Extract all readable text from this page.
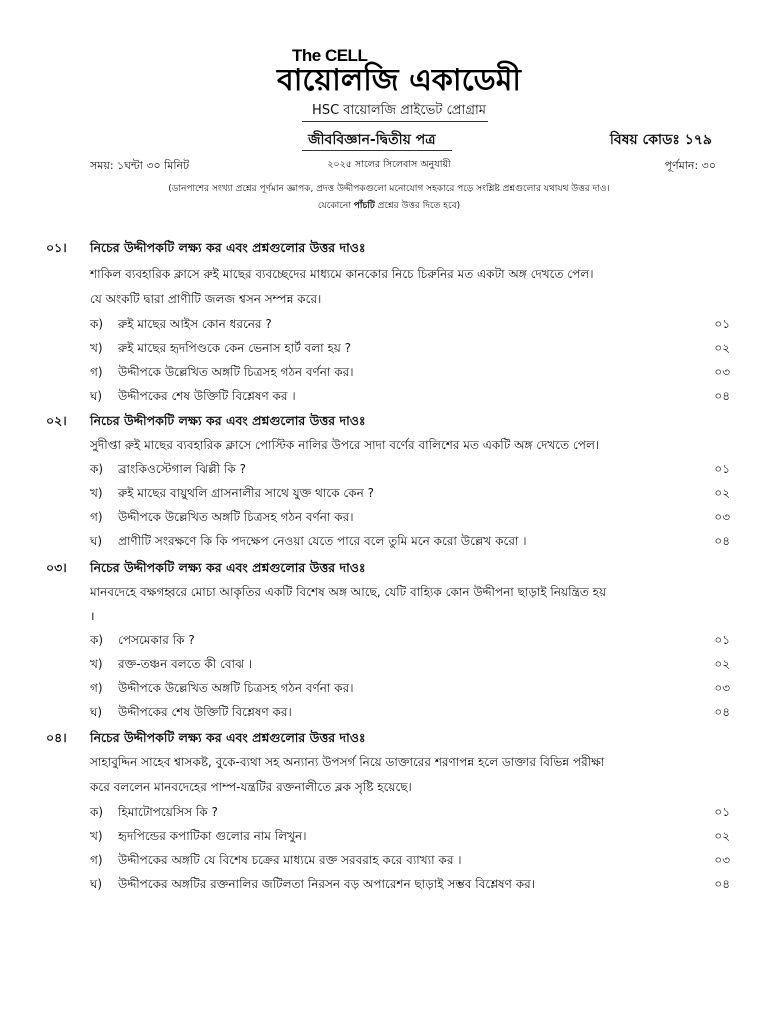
The CELL
বায়োলজি একাডেমী
HSC বায়োলজি প্রাইভেট প্রোগ্রাম
জীববিজ্ঞান-দ্বিতীয় পত্র	বিষয় কোডঃ ১৭৯
সময়: ১ঘন্টা ৩০ মিনিট	২০২৫ সালের সিলেবাস অনুযায়ী	পূর্ণমান: ৩০
(ডানপাশের সংখ্যা প্রশ্নের পূর্ণমান জ্ঞাপক, প্রদত্ত উদ্দীপকগুলো মনোযোগ সহকারে পড়ে সংশ্লিষ্ট প্রশ্নগুলোর যথাযথ উত্তর দাও।
যেকোনো পাঁচটি প্রশ্নের উত্তর দিতে হবে)
০১। নিচের উদ্দীপকটি লক্ষ্য কর এবং প্রশ্নগুলোর উত্তর দাওঃ
শাকিল ব্যবহারিক ক্লাসে রুই মাছের ব্যবচ্ছেদের মাধ্যমে কানকোর নিচে চিরুনির মত একটা অঙ্গ দেখতে পেল।
যে অংকটি দ্বারা প্রাণীটি জলজ শ্বসন সম্পন্ন করে।
ক) রুই মাছের আইস কোন ধরনের ?	০১
খ) রুই মাছের হৃদপিণ্ডকে কেন ভেনাস হার্ট বলা হয় ?	০২
গ) উদ্দীপকে উল্লেখিত অঙ্গটি চিত্রসহ গঠন বর্ণনা কর।	০৩
ঘ) উদ্দীপকের শেষ উক্তিটি বিশ্লেষণ কর ।	০৪
০২। নিচের উদ্দীপকটি লক্ষ্য কর এবং প্রশ্নগুলোর উত্তর দাওঃ
সুদীপ্তা রুই মাছের ব্যবহারিক ক্লাসে পোস্টিক নালির উপরে সাদা বর্ণের বালিশের মত একটি অঙ্গ দেখতে পেল।
ক) ব্রাংকিওস্টেগাল ঝিল্লী কি ?	০১
খ) রুই মাছের বায়ুথলি গ্রাসনালীর সাথে যুক্ত থাকে কেন ?	০২
গ) উদ্দীপকে উল্লেখিত অঙ্গটি চিত্রসহ গঠন বর্ণনা কর।	০৩
ঘ) প্রাণীটি সংরক্ষণে কি কি পদক্ষেপ নেওয়া যেতে পারে বলে তুমি মনে করো উল্লেখ করো ।	০৪
০৩। নিচের উদ্দীপকটি লক্ষ্য কর এবং প্রশ্নগুলোর উত্তর দাওঃ
মানবদেহে বক্ষগহ্বরে মোচা আকৃতির একটি বিশেষ অঙ্গ আছে, যেটি বাহ্যিক কোন উদ্দীপনা ছাড়াই নিয়ন্ত্রিত হয়
।
ক) পেসমেকার কি ?	০১
খ) রক্ত-তঞ্চন বলতে কী বোঝ ।	০২
গ) উদ্দীপকে উল্লেখিত অঙ্গটি চিত্রসহ গঠন বর্ণনা কর।	০৩
ঘ) উদ্দীপকের শেষ উক্তিটি বিশ্লেষণ কর।	০৪
০৪। নিচের উদ্দীপকটি লক্ষ্য কর এবং প্রশ্নগুলোর উত্তর দাওঃ
সাহাবুদ্দিন সাহেব শ্বাসকষ্ট, বুকে-ব্যথা সহ অন্যান্য উপসর্গ নিয়ে ডাক্তারের শরণাপন্ন হলে ডাক্তার বিভিন্ন পরীক্ষা
করে বললেন মানবদেহের পাম্প-যন্ত্রটির রক্তনালীতে ব্লক সৃষ্টি হয়েছে।
ক) হিমাটোপয়েসিস কি ?	০১
খ) হৃদপিন্ডের কপাটিকা গুলোর নাম লিখুন।	০২
গ) উদ্দীপকের অঙ্গটি যে বিশেষ চক্রের মাধ্যমে রক্ত সরবরাহ করে ব্যাখ্যা কর ।	০৩
ঘ) উদ্দীপকের অঙ্গটির রক্তনালির জটিলতা নিরসন বড় অপারেশন ছাড়াই সম্ভব বিশ্লেষণ কর।	০৪
